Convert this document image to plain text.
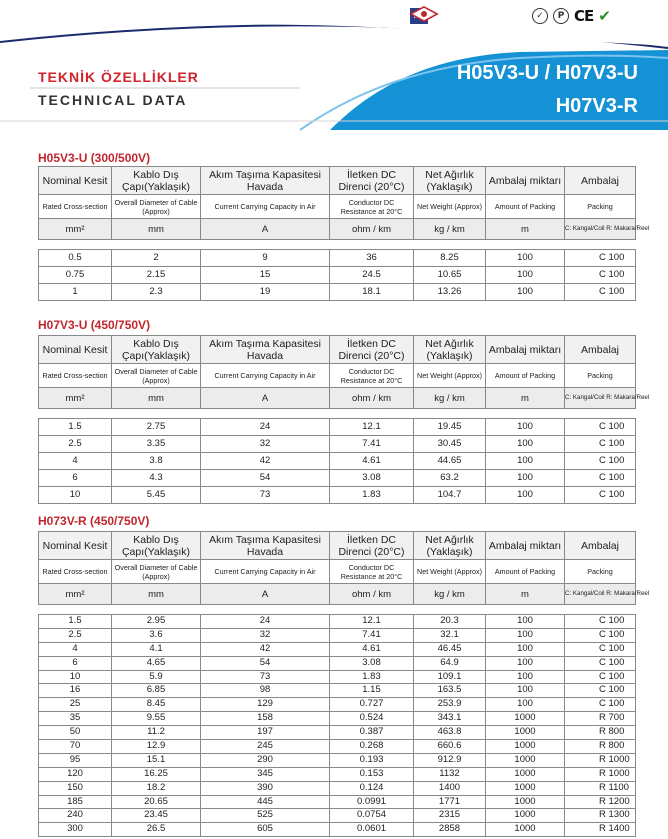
✓	Р CE ✔
TEKNİK ÖZELLİKLER
TECHNICAL DATA
H05V3-U / H07V3-U
H07V3-R
H05V3-U (300/500V)
Nominal Kesit	Kablo Dış Çapı(Yaklaşık)	Akım Taşıma Kapasitesi Havada	İletken DC Direnci (20°C)	Net Ağırlık (Yaklaşık)	Ambalaj miktarı	Ambalaj
Rated Cross-section	Overall Diameter of Cable (Approx)	Current Carrying Capacity in Air	Conductor DC Resistance at 20°C	Net Weight (Approx)	Amount of Packing	Packing
mm²	mm	A	ohm / km	kg / km	m	C: Kangal/Coil R: Makara/Reel

0.5	2	9	36	8.25	100	C 100
0.75	2.15	15	24.5	10.65	100	C 100
1	2.3	19	18.1	13.26	100	C 100
H07V3-U (450/750V)
Nominal Kesit	Kablo Dış Çapı(Yaklaşık)	Akım Taşıma Kapasitesi Havada	İletken DC Direnci (20°C)	Net Ağırlık (Yaklaşık)	Ambalaj miktarı	Ambalaj
Rated Cross-section	Overall Diameter of Cable (Approx)	Current Carrying Capacity in Air	Conductor DC Resistance at 20°C	Net Weight (Approx)	Amount of Packing	Packing
mm²	mm	A	ohm / km	kg / km	m	C: Kangal/Coil R: Makara/Reel

1.5	2.75	24	12.1	19.45	100	C 100
2.5	3.35	32	7.41	30.45	100	C 100
4	3.8	42	4.61	44.65	100	C 100
6	4.3	54	3.08	63.2	100	C 100
10	5.45	73	1.83	104.7	100	C 100
H073V-R (450/750V)
Nominal Kesit	Kablo Dış Çapı(Yaklaşık)	Akım Taşıma Kapasitesi Havada	İletken DC Direnci (20°C)	Net Ağırlık (Yaklaşık)	Ambalaj miktarı	Ambalaj
Rated Cross-section	Overall Diameter of Cable (Approx)	Current Carrying Capacity in Air	Conductor DC Resistance at 20°C	Net Weight (Approx)	Amount of Packing	Packing
mm²	mm	A	ohm / km	kg / km	m	C: Kangal/Coil R: Makara/Reel

1.5	2.95	24	12.1	20.3	100	C 100
2.5	3.6	32	7.41	32.1	100	C 100
4	4.1	42	4.61	46.45	100	C 100
6	4.65	54	3.08	64.9	100	C 100
10	5.9	73	1.83	109.1	100	C 100
16	6.85	98	1.15	163.5	100	C 100
25	8.45	129	0.727	253.9	100	C 100
35	9.55	158	0.524	343.1	1000	R 700
50	11.2	197	0.387	463.8	1000	R 800
70	12.9	245	0.268	660.6	1000	R 800
95	15.1	290	0.193	912.9	1000	R 1000
120	16.25	345	0.153	1132	1000	R 1000
150	18.2	390	0.124	1400	1000	R 1100
185	20.65	445	0.0991	1771	1000	R 1200
240	23.45	525	0.0754	2315	1000	R 1300
300	26.5	605	0.0601	2858	1000	R 1400
